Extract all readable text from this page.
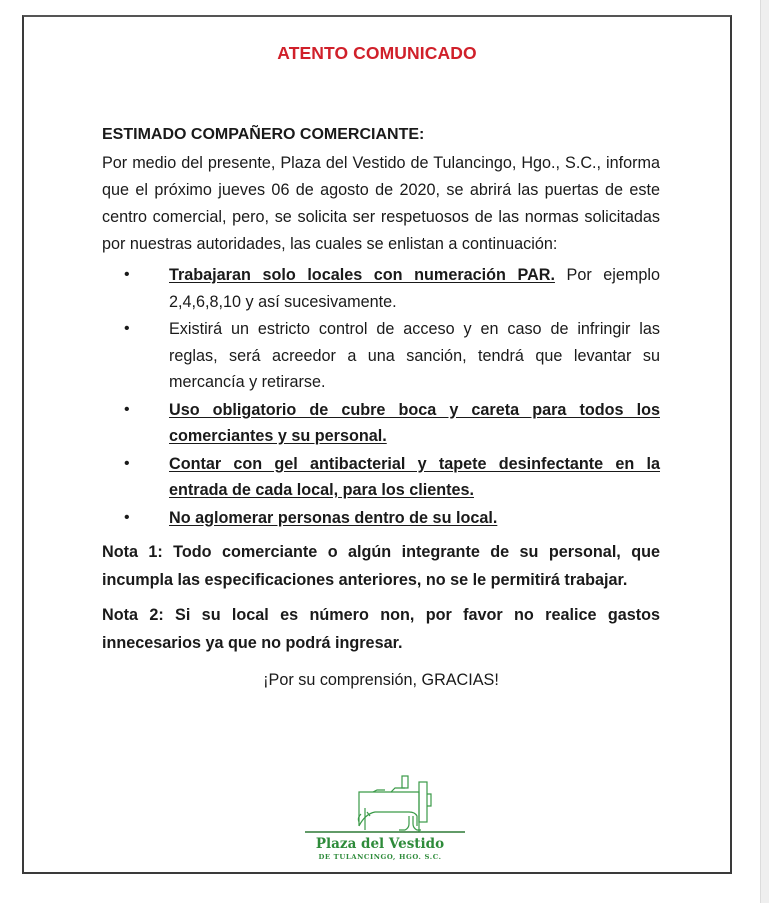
ATENTO COMUNICADO

ESTIMADO COMPAÑERO COMERCIANTE:

Por medio del presente, Plaza del Vestido de Tulancingo, Hgo., S.C., informa que el próximo jueves 06 de agosto de 2020, se abrirá las puertas de este centro comercial, pero, se solicita ser respetuosos de las normas solicitadas por nuestras autoridades, las cuales se enlistan a continuación:

• Trabajaran solo locales con numeración PAR. Por ejemplo 2,4,6,8,10 y así sucesivamente.
• Existirá un estricto control de acceso y en caso de infringir las reglas, será acreedor a una sanción, tendrá que levantar su mercancía y retirarse.
• Uso obligatorio de cubre boca y careta para todos los comerciantes y su personal.
• Contar con gel antibacterial y tapete desinfectante en la entrada de cada local, para los clientes.
• No aglomerar personas dentro de su local.

Nota 1: Todo comerciante o algún integrante de su personal, que incumpla las especificaciones anteriores, no se le permitirá trabajar.

Nota 2: Si su local es número non, por favor no realice gastos innecesarios ya que no podrá ingresar.

¡Por su comprensión, GRACIAS!
Plaza del Vestido
DE TULANCINGO, HGO. S.C.
